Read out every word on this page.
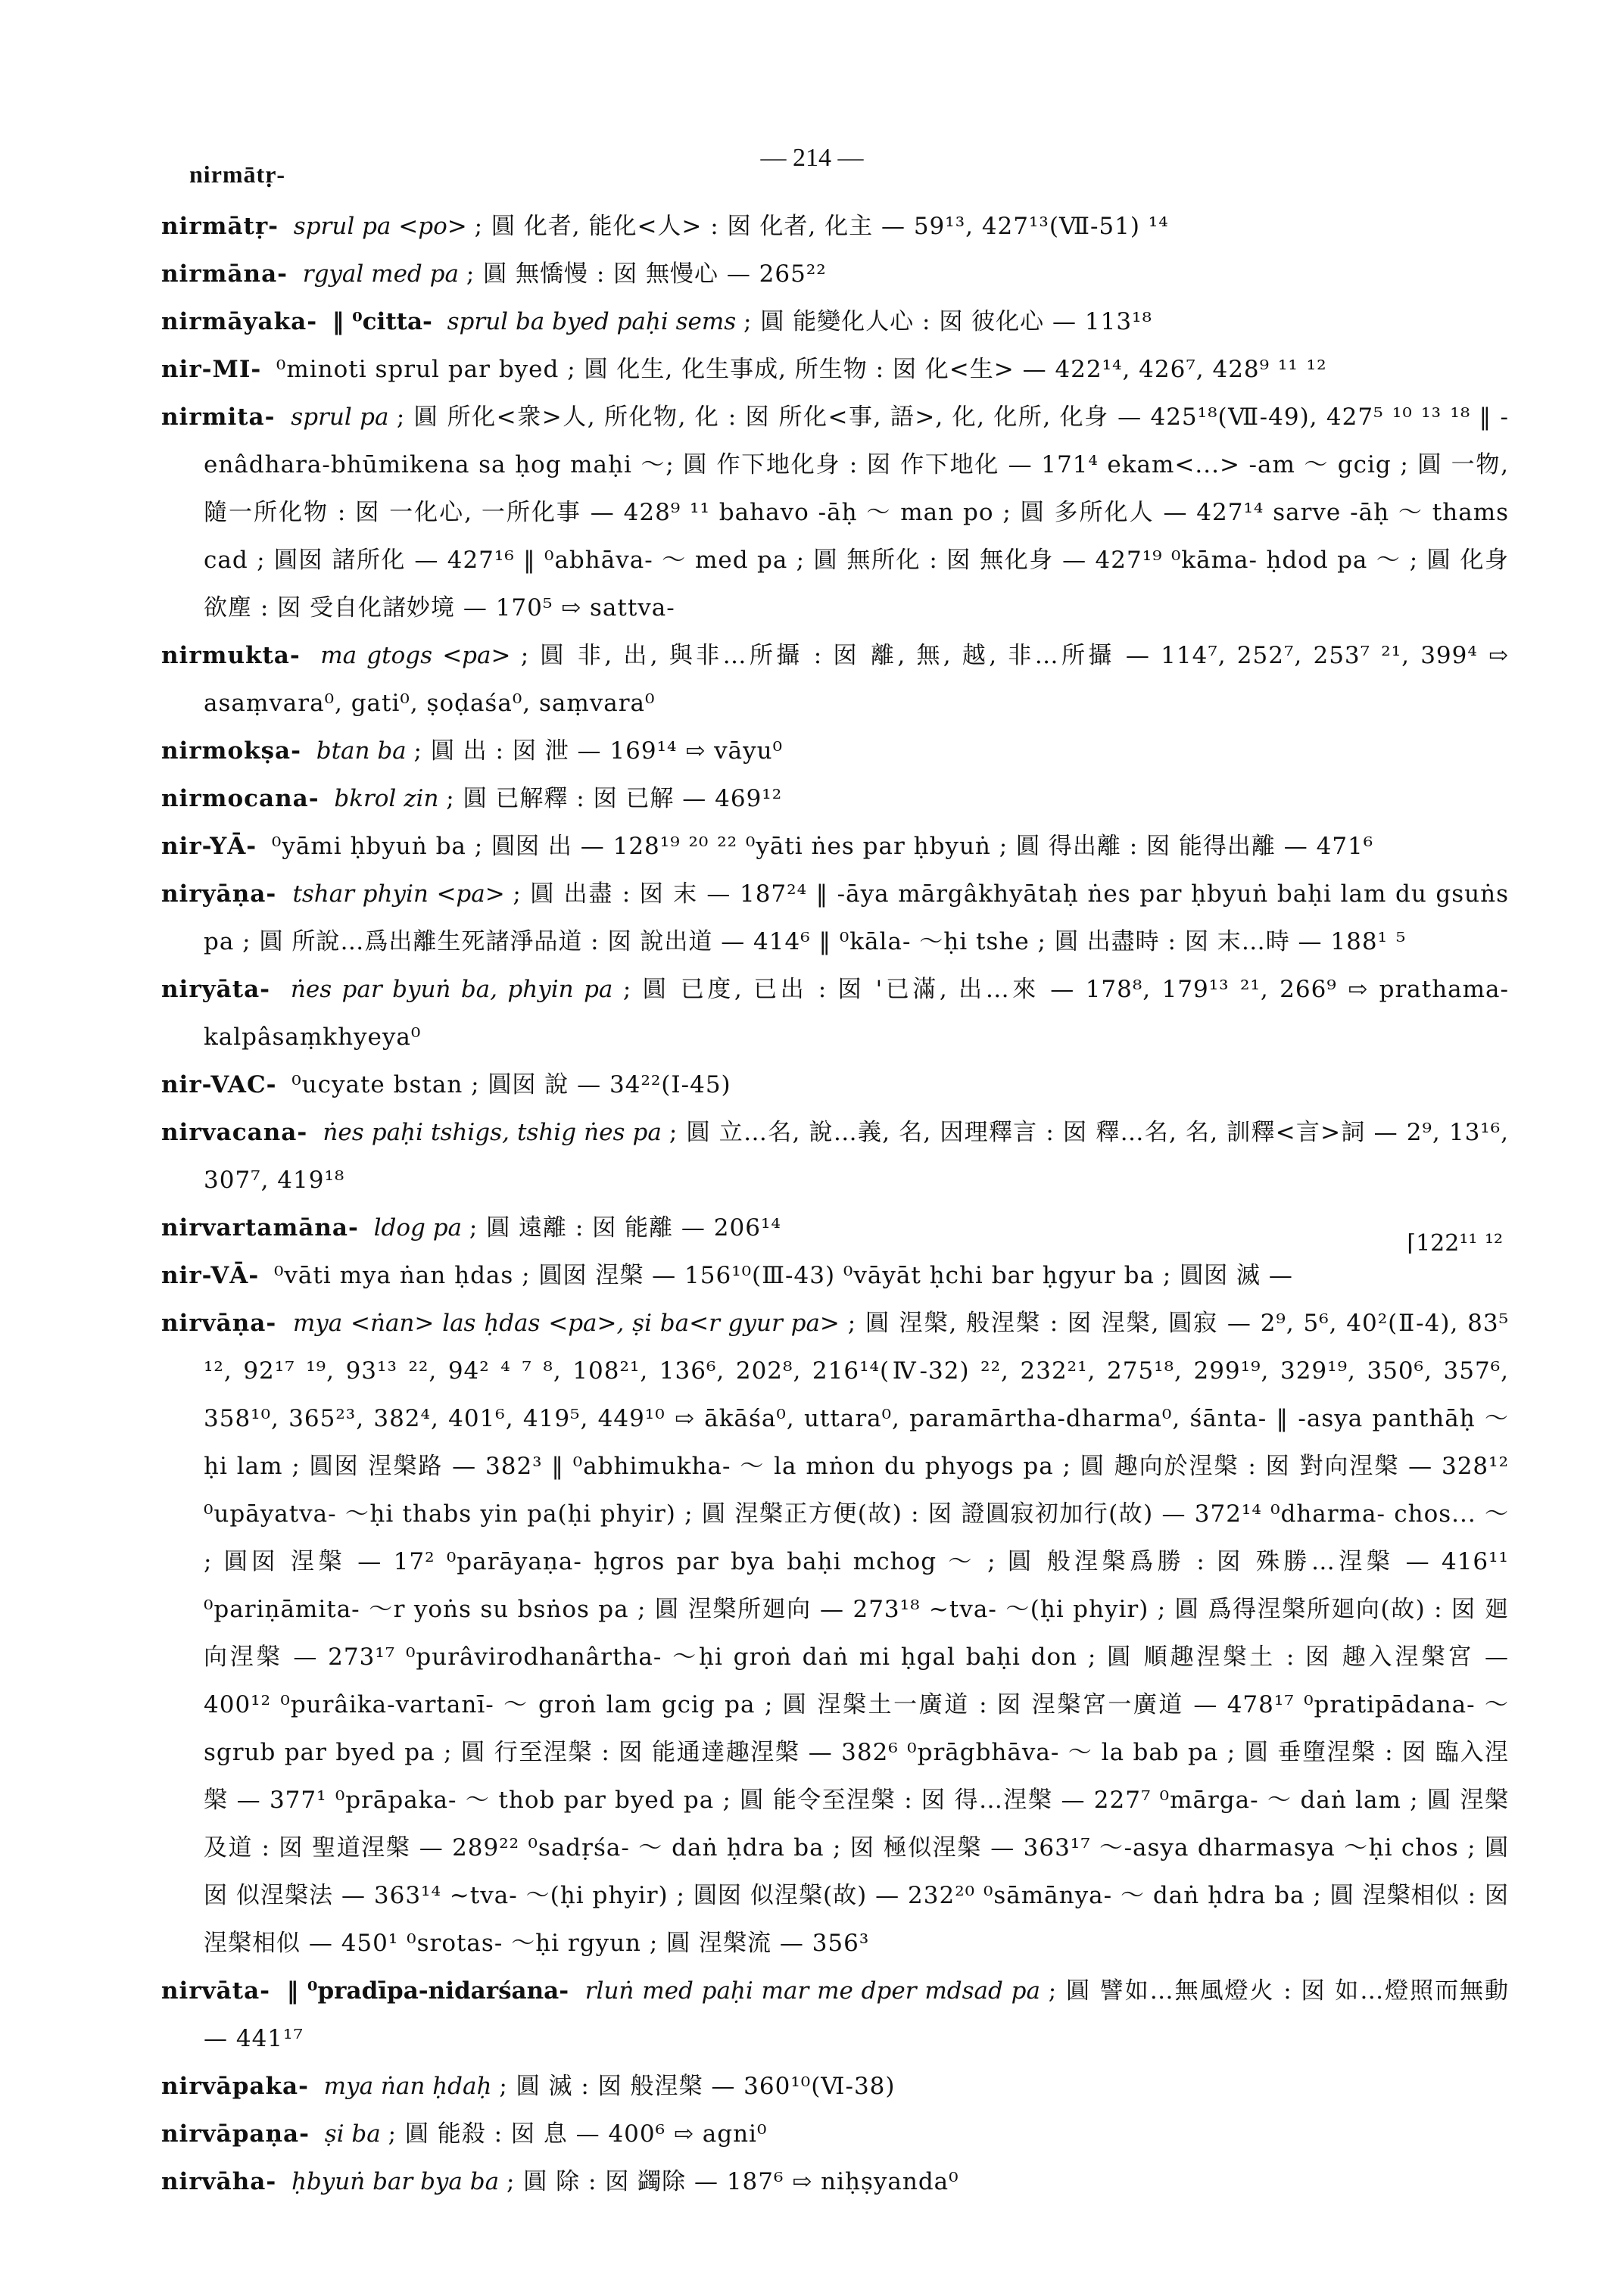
nirmātṛ-
— 214 —
⌈122¹¹ ¹²

nirmātṛ- sprul pa <po> ; 圓 化者, 能化<人> : 囡 化者, 化主 — 59¹³, 427¹³(Ⅶ-51) ¹⁴

nirmāna- rgyal med pa ; 圓 無憍慢 : 囡 無慢心 — 265²²

nirmāyaka- ‖ ⁰citta- sprul ba byed paḥi sems ; 圓 能變化人心 : 囡 彼化心 — 113¹⁸

nir-MI- ⁰minoti sprul par byed ; 圓 化生, 化生事成, 所生物 : 囡 化<生> — 422¹⁴, 426⁷, 428⁹ ¹¹ ¹²

nirmita- sprul pa ; 圓 所化<衆>人, 所化物, 化 : 囡 所化<事, 語>, 化, 化所, 化身 — 425¹⁸(Ⅶ-49), 427⁵ ¹⁰ ¹³ ¹⁸ ‖ -enâdhara-bhūmikena sa ḥog maḥi ～; 圓 作下地化身 : 囡 作下地化 — 171⁴ ekam<...> -am ～ gcig ; 圓 一物, 隨一所化物 : 囡 一化心, 一所化事 — 428⁹ ¹¹ bahavo -āḥ ～ man po ; 圓 多所化人 — 427¹⁴ sarve -āḥ ～ thams cad ; 圓囡 諸所化 — 427¹⁶ ‖ ⁰abhāva- ～ med pa ; 圓 無所化 : 囡 無化身 — 427¹⁹ ⁰kāma- ḥdod pa ～ ; 圓 化身欲塵 : 囡 受自化諸妙境 — 170⁵ ⇨ sattva-

nirmukta- ma gtogs <pa> ; 圓 非, 出, 與非…所攝 : 囡 離, 無, 越, 非…所攝 — 114⁷, 252⁷, 253⁷ ²¹, 399⁴ ⇨ asaṃvara⁰, gati⁰, ṣoḍaśa⁰, saṃvara⁰

nirmokṣa- btan ba ; 圓 出 : 囡 泄 — 169¹⁴ ⇨ vāyu⁰

nirmocana- bkrol zin ; 圓 已解釋 : 囡 已解 — 469¹²

nir-YĀ- ⁰yāmi ḥbyuṅ ba ; 圓囡 出 — 128¹⁹ ²⁰ ²² ⁰yāti ṅes par ḥbyuṅ ; 圓 得出離 : 囡 能得出離 — 471⁶

niryāṇa- tshar phyin <pa> ; 圓 出盡 : 囡 末 — 187²⁴ ‖ -āya mārgâkhyātaḥ ṅes par ḥbyuṅ baḥi lam du gsuṅs pa ; 圓 所說…爲出離生死諸淨品道 : 囡 說出道 — 414⁶ ‖ ⁰kāla- ～ḥi tshe ; 圓 出盡時 : 囡 末…時 — 188¹ ⁵

niryāta- ṅes par byuṅ ba, phyin pa ; 圓 已度, 已出 : 囡 '已滿, 出…來 — 178⁸, 179¹³ ²¹, 266⁹ ⇨ prathama-kalpâsaṃkhyeya⁰

nir-VAC- ⁰ucyate bstan ; 圓囡 說 — 34²²(Ⅰ-45)

nirvacana- ṅes paḥi tshigs, tshig ṅes pa ; 圓 立…名, 說…義, 名, 因理釋言 : 囡 釋…名, 名, 訓釋<言>詞 — 2⁹, 13¹⁶, 307⁷, 419¹⁸

nirvartamāna- ldog pa ; 圓 遠離 : 囡 能離 — 206¹⁴

nir-VĀ- ⁰vāti mya ṅan ḥdas ; 圓囡 涅槃 — 156¹⁰(Ⅲ-43) ⁰vāyāt ḥchi bar ḥgyur ba ; 圓囡 滅 —

nirvāṇa- mya <ṅan> las ḥdas <pa>, ṣi ba<r gyur pa> ; 圓 涅槃, 般涅槃 : 囡 涅槃, 圓寂 — 2⁹, 5⁶, 40²(Ⅱ-4), 83⁵ ¹², 92¹⁷ ¹⁹, 93¹³ ²², 94² ⁴ ⁷ ⁸, 108²¹, 136⁶, 202⁸, 216¹⁴(Ⅳ-32) ²², 232²¹, 275¹⁸, 299¹⁹, 329¹⁹, 350⁶, 357⁶, 358¹⁰, 365²³, 382⁴, 401⁶, 419⁵, 449¹⁰ ⇨ ākāśa⁰, uttara⁰, paramārtha-dharma⁰, śānta- ‖ -asya panthāḥ ～ḥi lam ; 圓囡 涅槃路 — 382³ ‖ ⁰abhimukha- ～ la mṅon du phyogs pa ; 圓 趣向於涅槃 : 囡 對向涅槃 — 328¹² ⁰upāyatva- ～ḥi thabs yin pa(ḥi phyir) ; 圓 涅槃正方便(故) : 囡 證圓寂初加行(故) — 372¹⁴ ⁰dharma- chos... ～ ; 圓囡 涅槃 — 17² ⁰parāyaṇa- ḥgros par bya baḥi mchog ～ ; 圓 般涅槃爲勝 : 囡 殊勝…涅槃 — 416¹¹ ⁰pariṇāmita- ～r yoṅs su bsṅos pa ; 圓 涅槃所廻向 — 273¹⁸ ~tva- ～(ḥi phyir) ; 圓 爲得涅槃所廻向(故) : 囡 廻向涅槃 — 273¹⁷ ⁰purâvirodhanârtha- ～ḥi groṅ daṅ mi ḥgal baḥi don ; 圓 順趣涅槃土 : 囡 趣入涅槃宮 — 400¹² ⁰purâika-vartanī- ～ groṅ lam gcig pa ; 圓 涅槃土一廣道 : 囡 涅槃宮一廣道 — 478¹⁷ ⁰pratipādana- ～ sgrub par byed pa ; 圓 行至涅槃 : 囡 能通達趣涅槃 — 382⁶ ⁰prāgbhāva- ～ la bab pa ; 圓 垂墮涅槃 : 囡 臨入涅槃 — 377¹ ⁰prāpaka- ～ thob par byed pa ; 圓 能令至涅槃 : 囡 得…涅槃 — 227⁷ ⁰mārga- ～ daṅ lam ; 圓 涅槃及道 : 囡 聖道涅槃 — 289²² ⁰sadṛśa- ～ daṅ ḥdra ba ; 囡 極似涅槃 — 363¹⁷ ～-asya dharmasya ～ḥi chos ; 圓囡 似涅槃法 — 363¹⁴ ~tva- ～(ḥi phyir) ; 圓囡 似涅槃(故) — 232²⁰ ⁰sāmānya- ～ daṅ ḥdra ba ; 圓 涅槃相似 : 囡 涅槃相似 — 450¹ ⁰srotas- ～ḥi rgyun ; 圓 涅槃流 — 356³

nirvāta- ‖ ⁰pradīpa-nidarśana- rluṅ med paḥi mar me dper mdsad pa ; 圓 譬如…無風燈火 : 囡 如…燈照而無動 — 441¹⁷

nirvāpaka- mya ṅan ḥdaḥ ; 圓 滅 : 囡 般涅槃 — 360¹⁰(Ⅵ-38)

nirvāpaṇa- ṣi ba ; 圓 能殺 : 囡 息 — 400⁶ ⇨ agni⁰

nirvāha- ḥbyuṅ bar bya ba ; 圓 除 : 囡 蠲除 — 187⁶ ⇨ niḥṣyanda⁰
